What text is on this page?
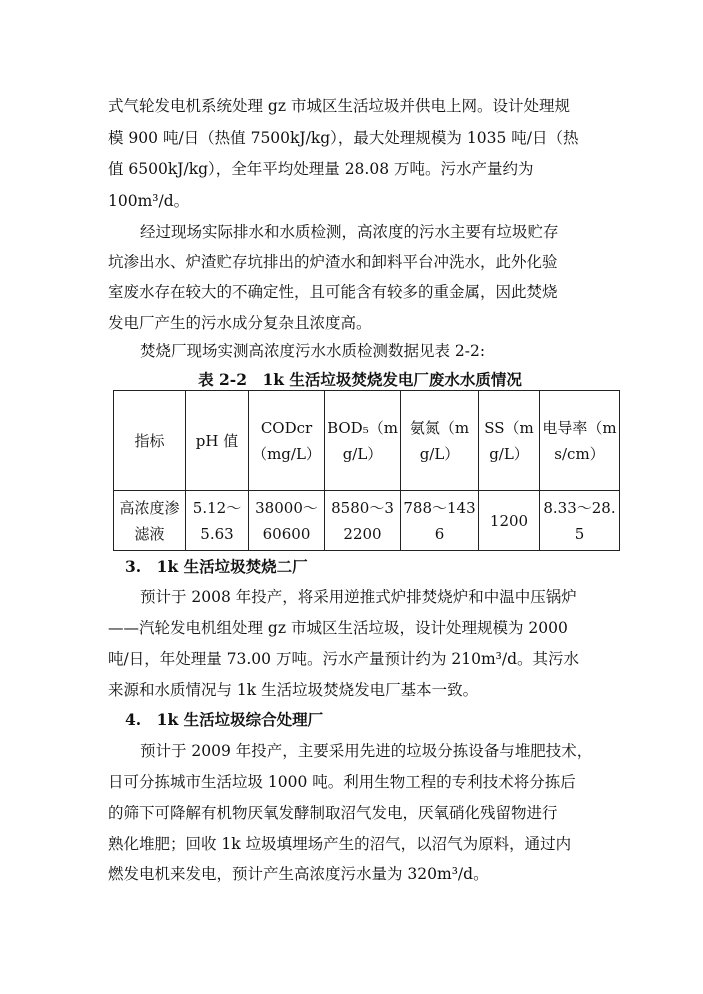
式气轮发电机系统处理 gz 市城区生活垃圾并供电上网。设计处理规
模 900 吨/日（热值 7500kJ/kg），最大处理规模为 1035 吨/日（热
值 6500kJ/kg），全年平均处理量 28.08 万吨。污水产量约为
100m³/d。
经过现场实际排水和水质检测，高浓度的污水主要有垃圾贮存
坑渗出水、炉渣贮存坑排出的炉渣水和卸料平台冲洗水，此外化验
室废水存在较大的不确定性，且可能含有较多的重金属，因此焚烧
发电厂产生的污水成分复杂且浓度高。
焚烧厂现场实测高浓度污水水质检测数据见表 2-2:
表 2-2　1k 生活垃圾焚烧发电厂废水水质情况
指标	pH 值	CODcr（mg/L）	BOD₅（mg/L）	氨氮（mg/L）	SS（mg/L）	电导率（ms/cm）
高浓度渗滤液	5.12～5.63	38000～60600	8580～32200	788～1436	1200	8.33～28.5
3.　1k 生活垃圾焚烧二厂
预计于 2008 年投产，将采用逆推式炉排焚烧炉和中温中压锅炉
——汽轮发电机组处理 gz 市城区生活垃圾，设计处理规模为 2000
吨/日，年处理量 73.00 万吨。污水产量预计约为 210m³/d。其污水
来源和水质情况与 1k 生活垃圾焚烧发电厂基本一致。
4.　1k 生活垃圾综合处理厂
预计于 2009 年投产，主要采用先进的垃圾分拣设备与堆肥技术，
日可分拣城市生活垃圾 1000 吨。利用生物工程的专利技术将分拣后
的筛下可降解有机物厌氧发酵制取沼气发电，厌氧硝化残留物进行
熟化堆肥；回收 1k 垃圾填埋场产生的沼气，以沼气为原料，通过内
燃发电机来发电，预计产生高浓度污水量为 320m³/d。
